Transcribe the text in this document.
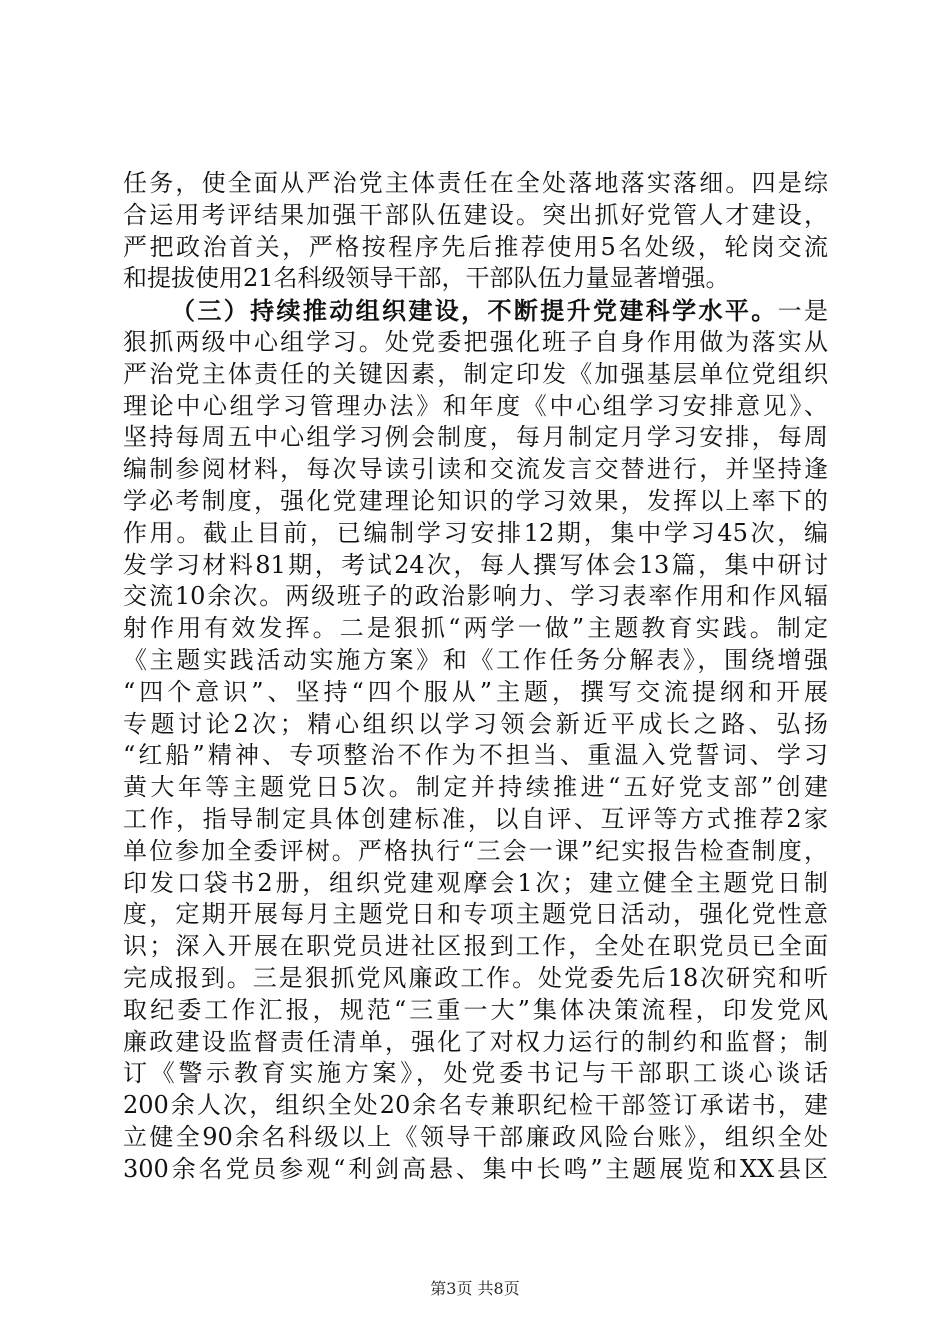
任务，使全面从严治党主体责任在全处落地落实落细。四是综
合运用考评结果加强干部队伍建设。突出抓好党管人才建设，
严把政治首关，严格按程序先后推荐使用5名处级，轮岗交流
和提拔使用21名科级领导干部，干部队伍力量显著增强。
（三）持续推动组织建设，不断提升党建科学水平。一是
狠抓两级中心组学习。处党委把强化班子自身作用做为落实从
严治党主体责任的关键因素，制定印发《加强基层单位党组织
理论中心组学习管理办法》和年度《中心组学习安排意见》、
坚持每周五中心组学习例会制度，每月制定月学习安排，每周
编制参阅材料，每次导读引读和交流发言交替进行，并坚持逢
学必考制度，强化党建理论知识的学习效果，发挥以上率下的
作用。截止目前，已编制学习安排12期，集中学习45次，编
发学习材料81期，考试24次，每人撰写体会13篇，集中研讨
交流10余次。两级班子的政治影响力、学习表率作用和作风辐
射作用有效发挥。二是狠抓“两学一做”主题教育实践。制定
《主题实践活动实施方案》和《工作任务分解表》，围绕增强
“四个意识”、坚持“四个服从”主题，撰写交流提纲和开展
专题讨论2次；精心组织以学习领会新近平成长之路、弘扬
“红船”精神、专项整治不作为不担当、重温入党誓词、学习
黄大年等主题党日5次。制定并持续推进“五好党支部”创建
工作，指导制定具体创建标准，以自评、互评等方式推荐2家
单位参加全委评树。严格执行“三会一课”纪实报告检查制度，
印发口袋书2册，组织党建观摩会1次；建立健全主题党日制
度，定期开展每月主题党日和专项主题党日活动，强化党性意
识；深入开展在职党员进社区报到工作，全处在职党员已全面
完成报到。三是狠抓党风廉政工作。处党委先后18次研究和听
取纪委工作汇报，规范“三重一大”集体决策流程，印发党风
廉政建设监督责任清单，强化了对权力运行的制约和监督；制
订《警示教育实施方案》，处党委书记与干部职工谈心谈话
200余人次，组织全处20余名专兼职纪检干部签订承诺书，建
立健全90余名科级以上《领导干部廉政风险台账》，组织全处
300余名党员参观“利剑高悬、集中长鸣”主题展览和XX县区
第3页 共8页
